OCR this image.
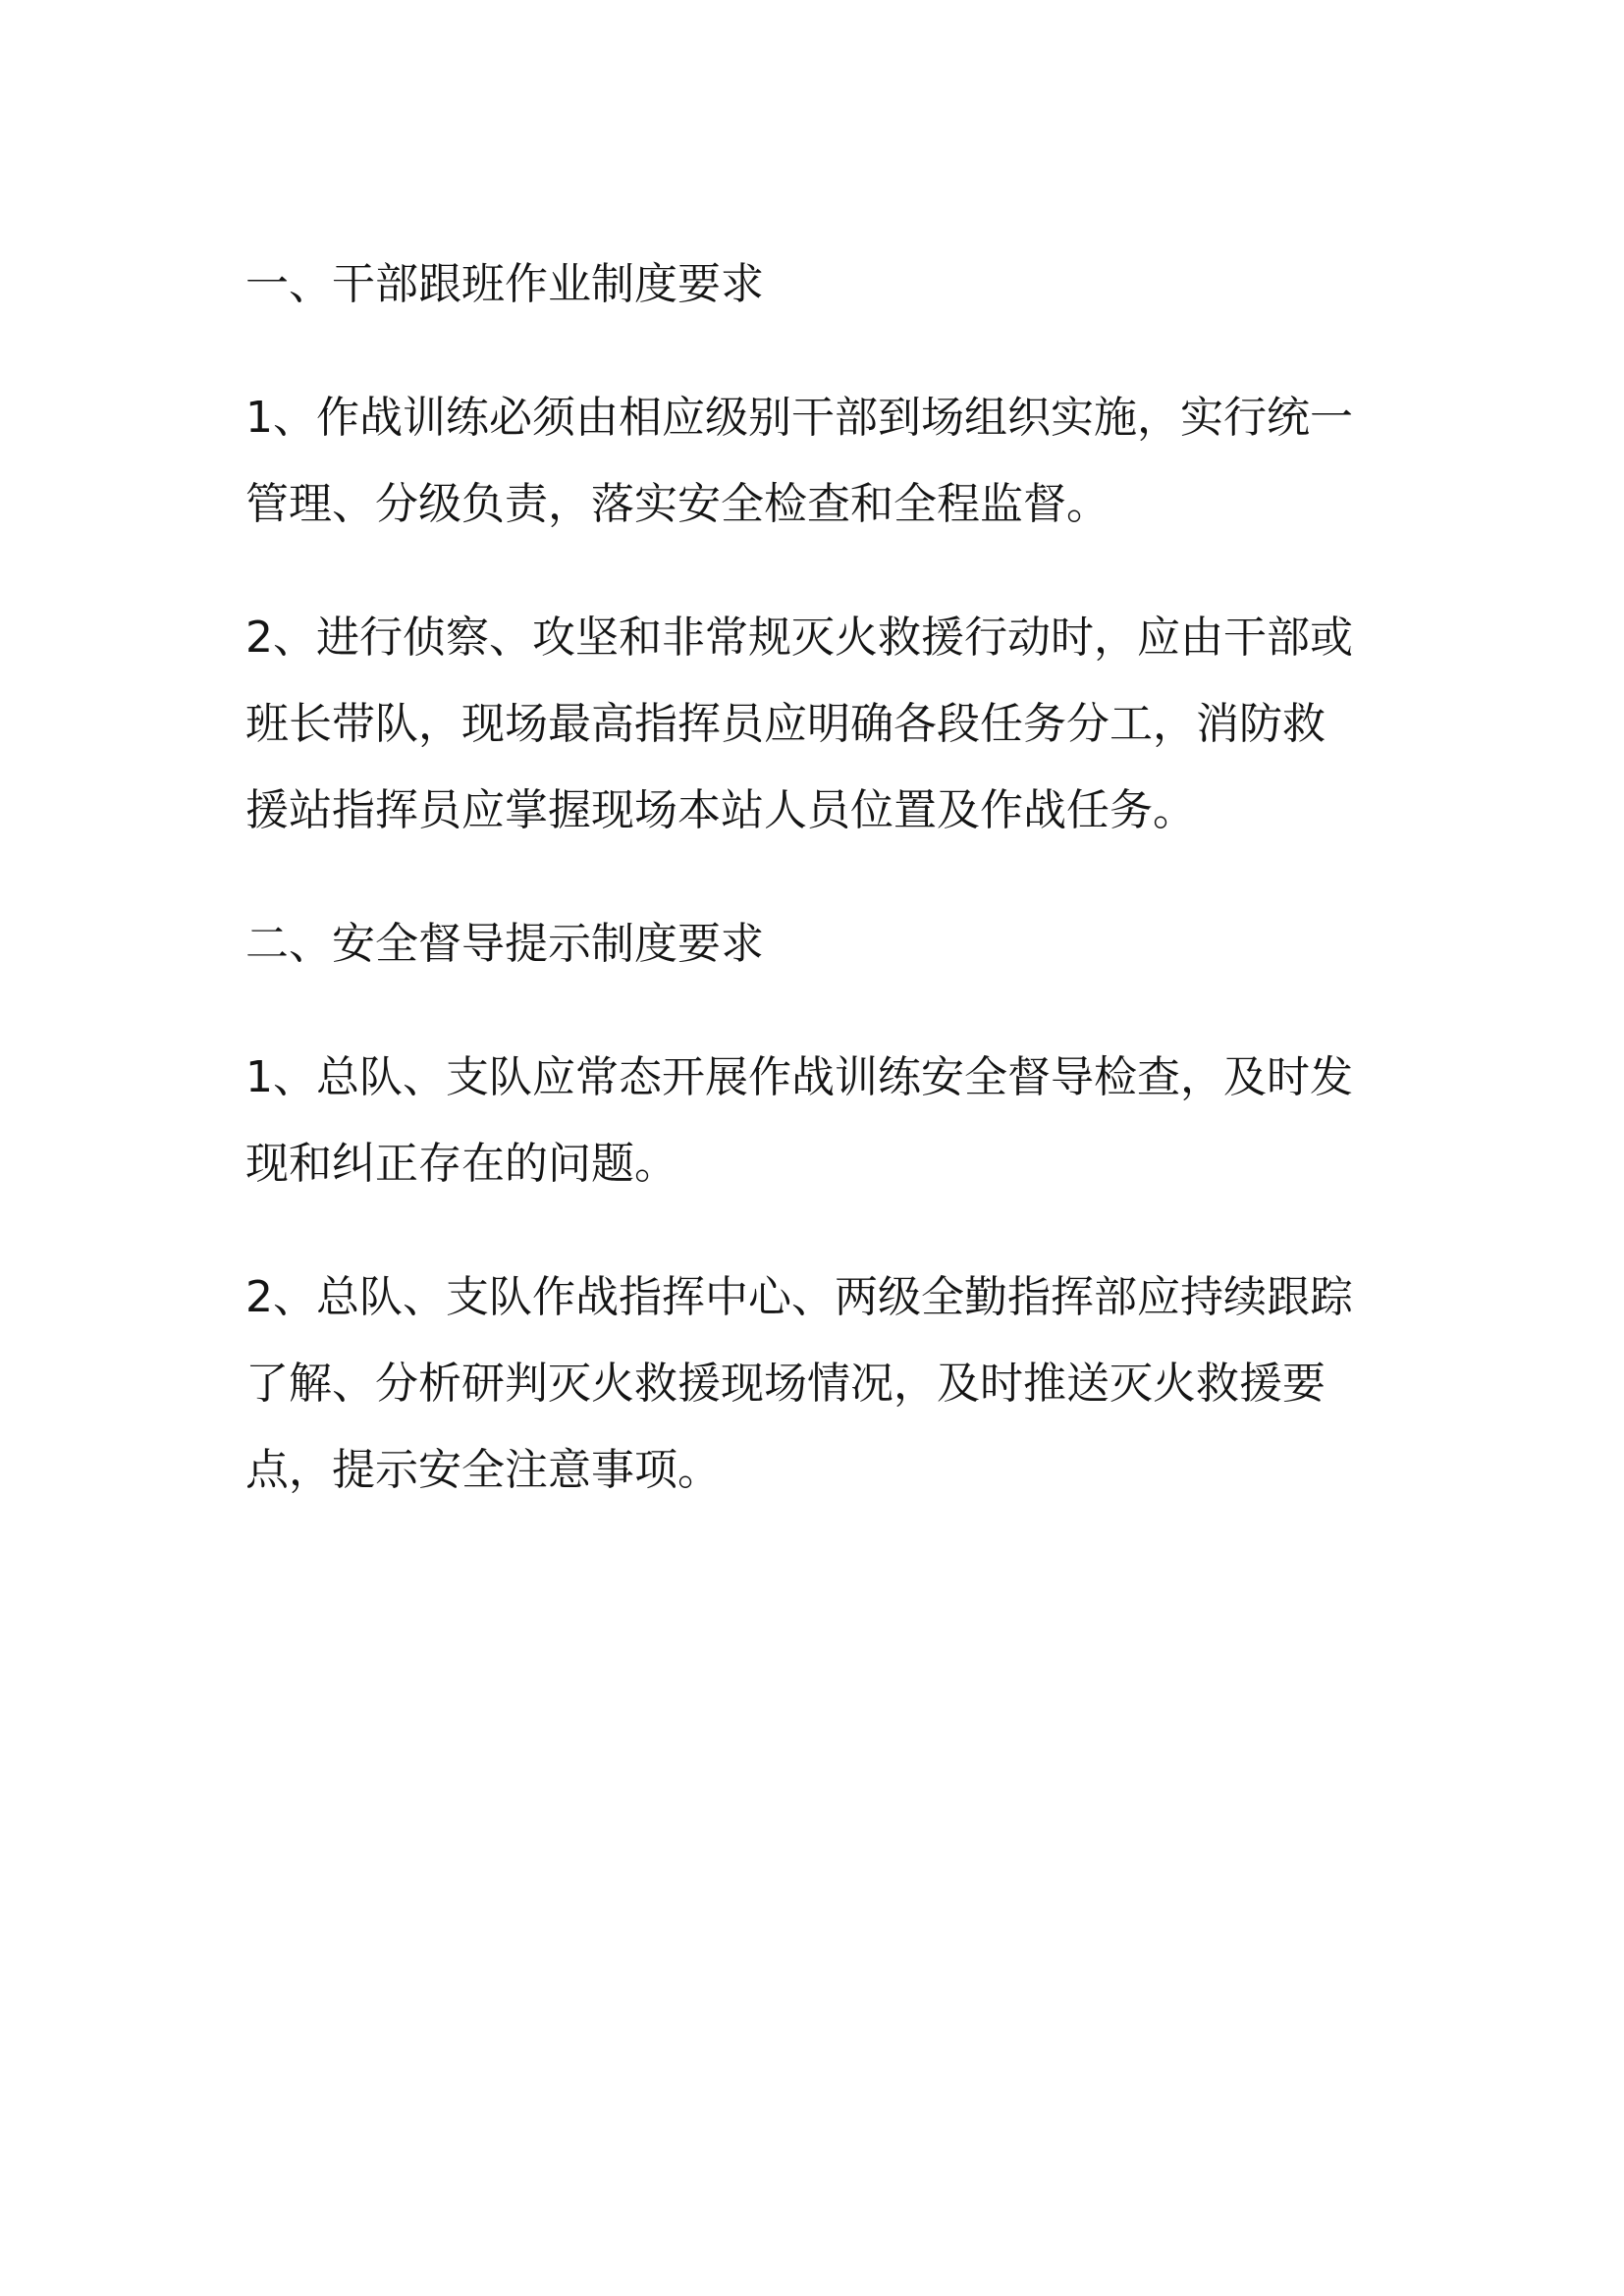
一、干部跟班作业制度要求

1、作战训练必须由相应级别干部到场组织实施，实行统一
管理、分级负责，落实安全检查和全程监督。

2、进行侦察、攻坚和非常规灭火救援行动时，应由干部或
班长带队，现场最高指挥员应明确各段任务分工，消防救
援站指挥员应掌握现场本站人员位置及作战任务。

二、安全督导提示制度要求

1、总队、支队应常态开展作战训练安全督导检查，及时发
现和纠正存在的问题。

2、总队、支队作战指挥中心、两级全勤指挥部应持续跟踪
了解、分析研判灭火救援现场情况，及时推送灭火救援要
点，提示安全注意事项。
